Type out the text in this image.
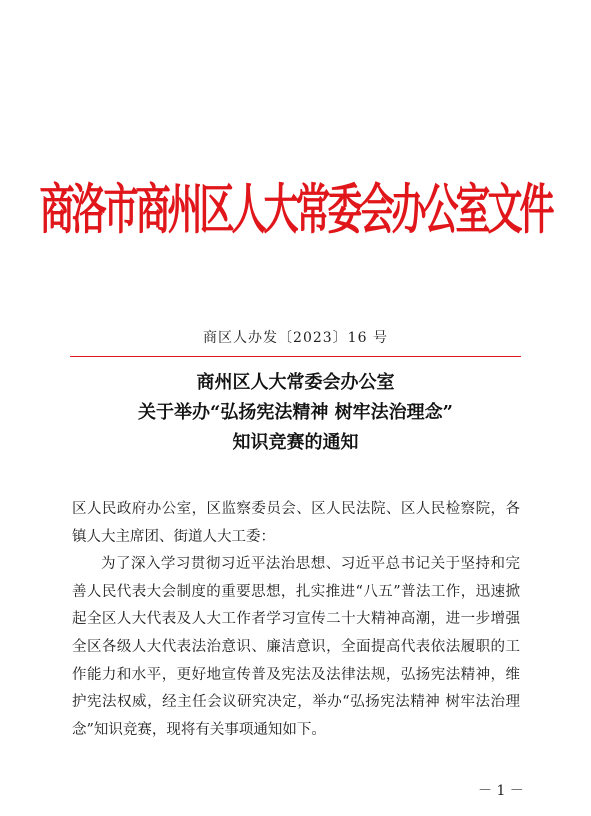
商洛市商州区人大常委会办公室文件
商区人办发〔2023〕16 号
商州区人大常委会办公室
关于举办“弘扬宪法精神 树牢法治理念”
知识竞赛的通知

区人民政府办公室，区监察委员会、区人民法院、区人民检察院，各镇人大主席团、街道人大工委：

为了深入学习贯彻习近平法治思想、习近平总书记关于坚持和完善人民代表大会制度的重要思想，扎实推进“八五”普法工作，迅速掀起全区人大代表及人大工作者学习宣传二十大精神高潮，进一步增强全区各级人大代表法治意识、廉洁意识，全面提高代表依法履职的工作能力和水平，更好地宣传普及宪法及法律法规，弘扬宪法精神，维护宪法权威，经主任会议研究决定，举办“弘扬宪法精神 树牢法治理念”知识竞赛，现将有关事项通知如下。

－ 1 －
